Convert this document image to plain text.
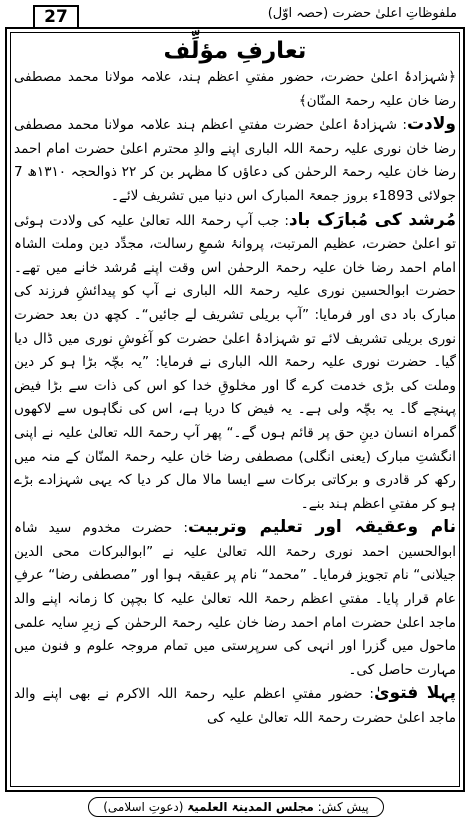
27	ملفوظاتِ اعلیٰ حضرت (حصہ اوّل)

تعارفِ مؤلِّف

﴿شہزادۂ اعلیٰ حضرت، حضور مفتیِ اعظم ہند، علامہ مولانا محمد مصطفی رضا خان علیہ رحمۃ المنّان﴾

ولادت: شہزادۂ اعلیٰ حضرت مفتیِ اعظم ہند علامہ مولانا محمد مصطفی رضا خان نوری علیہ رحمۃ اللہ الباری اپنے والدِ محترم اعلیٰ حضرت امام احمد رضا خان علیہ رحمۃ الرحمٰن کی دعاؤں کا مظہر بن کر ۲۲ ذوالحجہ ۱۳۱۰ھ 7 جولائی 1893ء بروز جمعۃ المبارک اس دنیا میں تشریف لائے۔

مُرشد کی مُبارَک باد: جب آپ رحمۃ اللہ تعالیٰ علیہ کی ولادت ہوئی تو اعلیٰ حضرت، عظیم المرتبت، پروانۂ شمعِ رسالت، مجدِّد دین وملت الشاہ امام احمد رضا خان علیہ رحمۃ الرحمٰن اس وقت اپنے مُرشد خانے میں تھے۔ حضرت ابوالحسین نوری علیہ رحمۃ اللہ الباری نے آپ کو پیدائشِ فرزند کی مبارک باد دی اور فرمایا: ”آپ بریلی تشریف لے جائیں“۔ کچھ دن بعد حضرت نوری بریلی تشریف لائے تو شہزادۂ اعلیٰ حضرت کو آغوشِ نوری میں ڈال دیا گیا۔ حضرت نوری علیہ رحمۃ اللہ الباری نے فرمایا: ”یہ بچّہ بڑا ہو کر دین وملت کی بڑی خدمت کرے گا اور مخلوقِ خدا کو اس کی ذات سے بڑا فیض پہنچے گا۔ یہ بچّہ ولی ہے۔ یہ فیض کا دریا ہے، اس کی نگاہوں سے لاکھوں گمراہ انسان دینِ حق پر قائم ہوں گے۔“ پھر آپ رحمۃ اللہ تعالیٰ علیہ نے اپنی انگشتِ مبارک (یعنی انگلی) مصطفی رضا خان علیہ رحمۃ المنّان کے منہ میں رکھ کر قادری و برکاتی برکات سے ایسا مالا مال کر دیا کہ یہی شہزادے بڑے ہو کر مفتیِ اعظم ہند بنے۔

نام وعقیقہ اور تعلیم وتربیت: حضرت مخدوم سید شاہ ابوالحسین احمد نوری رحمۃ اللہ تعالیٰ علیہ نے ”ابوالبرکات محی الدین جیلانی“ نام تجویز فرمایا۔ ”محمد“ نام پر عقیقہ ہوا اور ”مصطفی رضا“ عرفِ عام قرار پایا۔ مفتیِ اعظم رحمۃ اللہ تعالیٰ علیہ کا بچپن کا زمانہ اپنے والد ماجد اعلیٰ حضرت امام احمد رضا خان علیہ رحمۃ الرحمٰن کے زیرِ سایہ علمی ماحول میں گزرا اور انہی کی سرپرستی میں تمام مروجہ علوم و فنون میں مہارت حاصل کی۔

پہلا فتویٰ: حضور مفتیِ اعظم علیہ رحمۃ اللہ الاکرم نے بھی اپنے والد ماجد اعلیٰ حضرت رحمۃ اللہ تعالیٰ علیہ کی

پیش کش: مجلس المدینۃ العلمیۃ (دعوتِ اسلامی)
